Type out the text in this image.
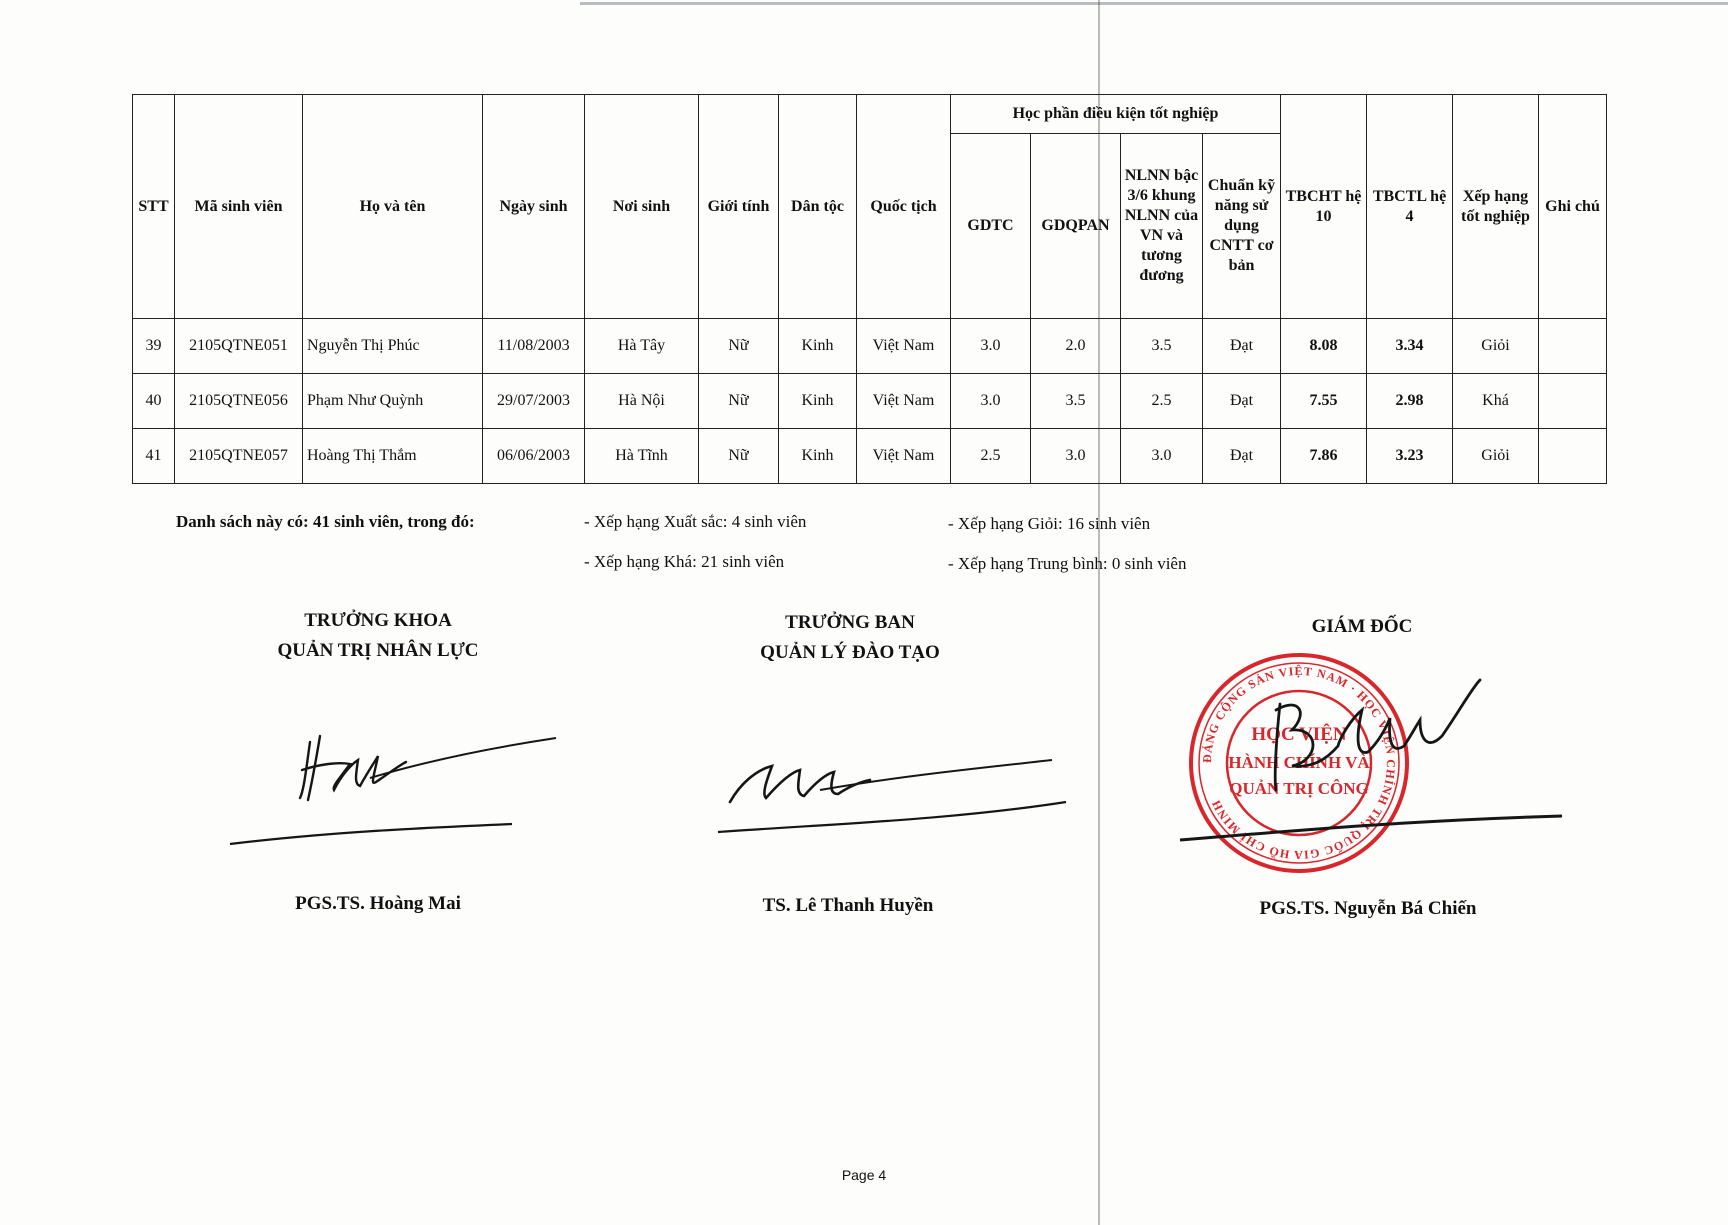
STT	Mã sinh viên	Họ và tên	Ngày sinh	Nơi sinh	Giới tính	Dân tộc	Quốc tịch	Học phần điều kiện tốt nghiệp				TBCHT hệ 10	TBCTL hệ 4	Xếp hạng tốt nghiệp	Ghi chú
								GDTC	GDQPAN	NLNN bậc 3/6 khung NLNN của VN và tương đương	Chuẩn kỹ năng sử dụng CNTT cơ bản				
39	2105QTNE051	Nguyễn Thị Phúc	11/08/2003	Hà Tây	Nữ	Kinh	Việt Nam	3.0	2.0	3.5	Đạt	8.08	3.34	Giỏi	
40	2105QTNE056	Phạm Như Quỳnh	29/07/2003	Hà Nội	Nữ	Kinh	Việt Nam	3.0	3.5	2.5	Đạt	7.55	2.98	Khá	
41	2105QTNE057	Hoàng Thị Thắm	06/06/2003	Hà Tĩnh	Nữ	Kinh	Việt Nam	2.5	3.0	3.0	Đạt	7.86	3.23	Giỏi	
Danh sách này có: 41 sinh viên, trong đó:	- Xếp hạng Xuất sắc: 4 sinh viên	- Xếp hạng Giỏi: 16 sinh viên
- Xếp hạng Khá: 21 sinh viên	- Xếp hạng Trung bình: 0 sinh viên
TRƯỞNG KHOA
QUẢN TRỊ NHÂN LỰC
PGS.TS. Hoàng Mai
TRƯỞNG BAN
QUẢN LÝ ĐÀO TẠO
TS. Lê Thanh Huyền
GIÁM ĐỐC
ĐẢNG CỘNG SẢN VIỆT NAM · HỌC VIỆN CHÍNH TRỊ QUỐC GIA HỒ CHÍ MINH
HỌC VIỆN
HÀNH CHÍNH VÀ
QUẢN TRỊ CÔNG
PGS.TS. Nguyễn Bá Chiến
Page 4
